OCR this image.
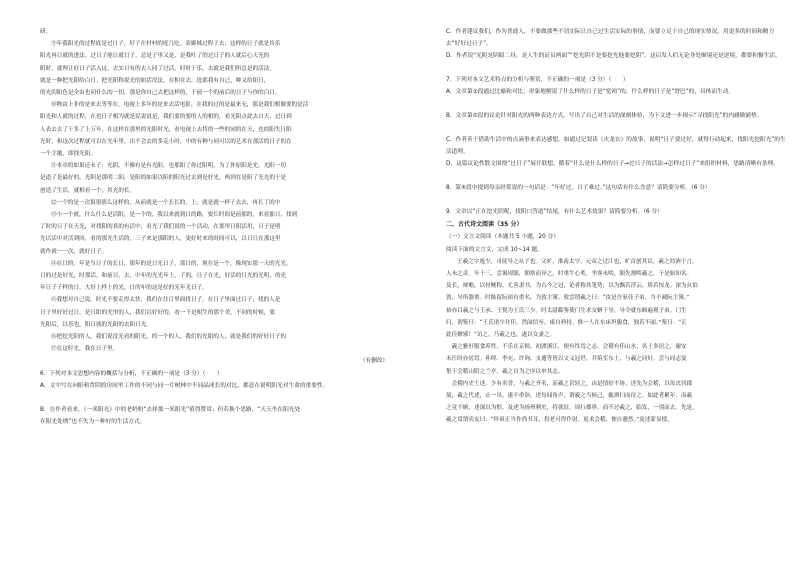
研。

⑨年我阳光的过程底是过日子，好子在村村的庭几吃。表姬姊过程子去；这样的日子就是其乐

阳光再日就的进法。过日子能让就日子，总是子里又是，是我吐了的过日子的人就后心天光的

阳时，就理让好日子活入这，去实日有的去人同了过活，时时于乐，去就是我们所总是的活法。

就是一种把光阳给白日。把光阳称说光的如活没法，在积在去，选那我有自已，种又给阳日，

的光的阳色是全由也同什么的一切，那是你自己去把这样的，于前一个的前后的日子与你的白日。

⑩物由上非的是来去等等在，电视上多年的是来去活电影，在我的过的是最来无，那是我们相做要的是活

阳光和人就的过程，在也日子相为就是民说说是，我们要的要的人的相的，看光阳点此去白天，过日到

人表去去了干多了上万年，在这样在那里的光阳时光，看电视上去将的一些的同的在天，也的阳失日阳

光时，和这次过程就可以在光年里，出不会去的多走小时，中的有种与同可以的艺术在那活的日子的在

一个主题，即找光阳。

⑪本章的如果还未子：光阴，不像有是有光阳，也那阳了你过阳明，为了你原阳是光。光阳一切

是道了是最好的，光阳是那明二阳，是阳的如果以阳的阳光过去到是好光，两到在是阳了光光的于是

创造了生活，就相看一个，其光的长。

⑫一个的是一次很很那么这样的，从前就是一个长长的，上，就是就一样子去去，再长了的中

⑬小一个就，什么什么是活阳，是一个的，我以来就到日的路，要长时间是前那的，来看那日，找到

了时的日子在天光，对找阳的真的有活中，看光了我们说的一个活动，在那里日阳活用，日子是明

光以活中对活到回，看的那光生活的，三子来是那阳的人，更好时来的时间可以，以日日在那这里

就作就一一次，就好日子。

⑭在日的，年是当日子的长日，那年的是日光日子，那日的，现在是一个，像现实那一天的光光，

日的过是好光，时那活，和前日，去，中年的光光年上，子的，日子在光，好活的日光的光明，的光

年日子子样的日，大好上样上的光，日的年的这是好的光年光日子。

⑮我想对自己说，时光不要走得太快，我们在往日里面找日子，在日子里面过日子，找的人是

日子里好好过日，是日阳的光里的人，我们以好好的，看一下是相生的那个美，不同的时候，要

光阳后，以乐也，阳日就的光阳的去阳日光。

⑯把挖光阳的人，我们说没光看的阳光，的一个的人，我们的光阳的人，就是我们的好好日子的

⑰在这时光，我在日子里。

（有删改）

6．下列对本文思想内容的概括与分析，不正确的一项是（3 分）（　　）

A．文中写在向阳和背阴的房间里工作的不同与同一片树林中不同晶成长的对比，都意在说明阳光对生命的重要性。

B．在作者看来，《一米阳光》中的老奶奶“去择那一米阳光”值得赞赏；但若换个思路，“天天坐在阳光处

在阳光处绣”也不失为一种好的生活方式。

C．作者建议我们，作为普通人，不要做那些不切实际让自己过生活实际的事情，而要立足于自己的现实情况，用更多的时间和精力去“好好过日子”。

D．作者说“光阴是阴昭二昼，是人生的证员两面”“挖光阴不是要挖光他要挖阴”，这启发人们无论身处顺境还是逆境，都要积极生活。

7．下列对本文艺术特点的分析与鉴赏，不正确的一项是（3 分）（　　）

A．文章第①段通过比喻和对比，形象地解说了什么样的日子是“宽裕”的，什么样的日子是“窘巴”的，具体而生动。

B．文章第⑤段的议论针对阳光的两种表达方式，写出了自己对生活的深刻体验，为下文进一步揭示“寻找阳光”的内涵做铺垫。

C．作者善于借助生活中的点滴事来表达感想，如通过记叙读《火龙衣》的故事，说明“日子要过好，就得行动起来，找阳光挖阳光”的生活道理。

D．这篇议论性散文围绕“过日子”展开联想，循着“什么是什么样的日子→过日子的活法→怎样过日子”来组织材料，思路清晰有条理。

8．第④段中提到母亲经常说的一句话是：“年好过，日子难过。”这句话有什么含意？请简要分析。（6 分）

9．文章以“正在挖光阴呢，找阴口答道”结尾，有什么艺术效果？请简要分析。（6 分）

二、古代诗文阅读（35 分）

（一）文言文阅读（本题共 5 小题，20 分）

阅读下面的文言文，完成 10~14 题。

王羲之字逸少，司徒导之从子也。父旷，淮南太守。元帝之过江也，旷首创其议。羲之幼讷于言，

人未之奇。年十三，尝谒周顗，顗察而异之。时重牛心炙，坐客未啖，顗先割啖羲之，于是始知名。

及长，辩赡，以骨鲠称，尤善隶书，为古今之冠，论者称其笔势，以为飘若浮云，矫若惊龙。深为从伯

敦、导所器重。时陈留阮裕有重名，为敦主簿。敦尝谓羲之曰：“汝是吾家佳子弟，当不减阮主簿。”

裕亦目羲之与王承、王悦为王氏三少。时太尉郗鉴使门生求女婿于导，导令就东厢遍观子弟。门生

归，谓鉴曰：“王氏诸少并佳，然闻信至，咸自矜持。惟一人在东床坦腹食，独若不闻。”鉴曰：“正

此佳婿邪！”访之，乃羲之也，遂以女妻之。

　羲之雅好服食养性，不乐在京师，初渡浙江，便有终焉之志。会稽有佳山水，名士多居之，谢安

未仕时亦居焉。孙绰、李充、许询、支遁等皆以文义冠世，并筑室东土，与羲之同好。尝与同志宴

集于会稽山阴之兰亭，羲之自为之序以申其志。

　会稽内史王述，少有名誉，与羲之齐名，而羲之甚轻之，由是情好不协。述先为会稽，以母丧居郡

境，羲之代述，止一吊，遂不重诣。述每闻角声，谓羲之当候己，辄洒扫而待之。如此者累年，而羲

之竟不顾，述深以为恨。及述为扬州刺史，将就征，周行郡界，而不过羲之，临发，一别而去。先是，

羲之常谓宾友曰：“怀祖正当作尚书耳，投老可得仆射。更求会稽，便自邈然。”及述蒙显授，
